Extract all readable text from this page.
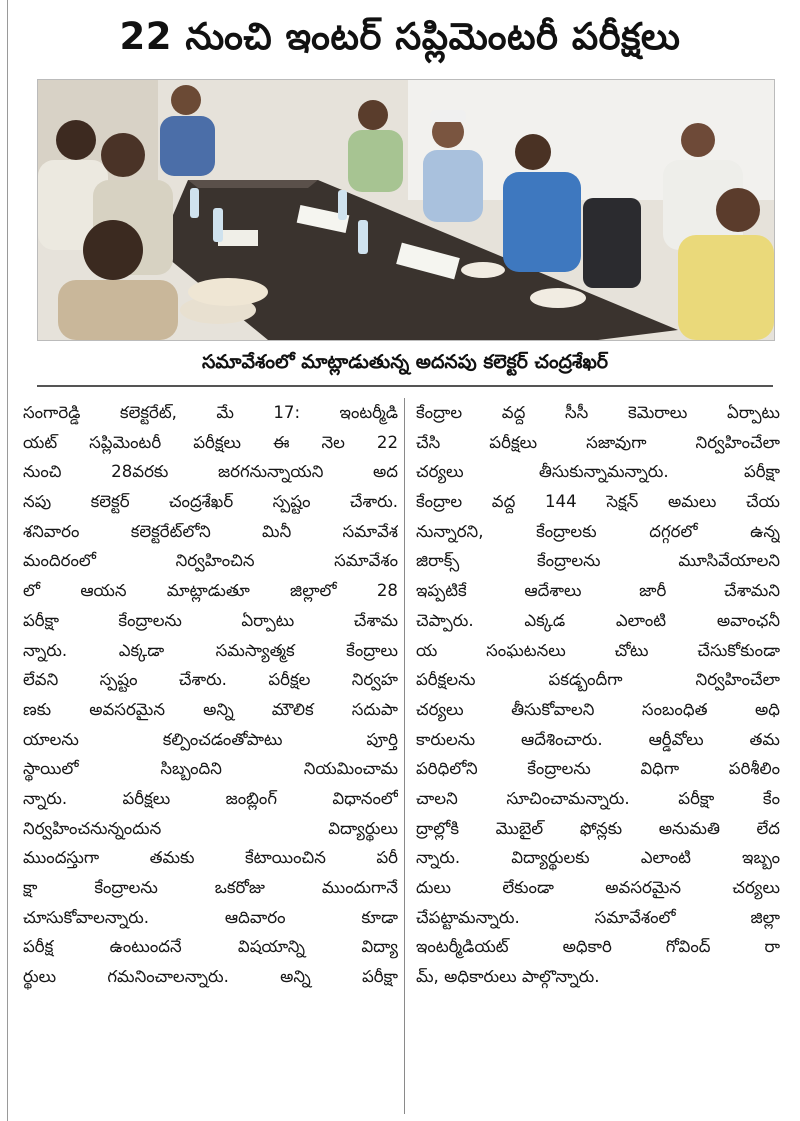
22 నుంచి ఇంటర్ సప్లిమెంటరీ పరీక్షలు
సమావేశంలో మాట్లాడుతున్న అదనపు కలెక్టర్ చంద్రశేఖర్
సంగారెడ్డి కలెక్టరేట్, మే 17: ఇంటర్మీడి
యట్ సప్లిమెంటరీ పరీక్షలు ఈ నెల 22
నుంచి 28వరకు జరగనున్నాయని అద
నపు కలెక్టర్ చంద్రశేఖర్ స్పష్టం చేశారు.
శనివారం కలెక్టరేట్‌లోని మినీ సమావేశ
మందిరంలో నిర్వహించిన సమావేశం
లో ఆయన మాట్లాడుతూ జిల్లాలో 28
పరీక్షా కేంద్రాలను ఏర్పాటు చేశామ
న్నారు. ఎక్కడా సమస్యాత్మక కేంద్రాలు
లేవని స్పష్టం చేశారు. పరీక్షల నిర్వహ
ణకు అవసరమైన అన్ని మౌలిక సదుపా
యాలను కల్పించడంతోపాటు పూర్తి
స్థాయిలో సిబ్బందిని నియమించామ
న్నారు. పరీక్షలు జంబ్లింగ్ విధానంలో
నిర్వహించనున్నందున విద్యార్థులు
ముందస్తుగా తమకు కేటాయించిన పరీ
క్షా కేంద్రాలను ఒకరోజు ముందుగానే
చూసుకోవాలన్నారు. ఆదివారం కూడా
పరీక్ష ఉంటుందనే విషయాన్ని విద్యా
ర్థులు గమనించాలన్నారు. అన్ని పరీక్షా
కేంద్రాల వద్ద సీసీ కెమెరాలు ఏర్పాటు
చేసి పరీక్షలు సజావుగా నిర్వహించేలా
చర్యలు తీసుకున్నామన్నారు. పరీక్షా
కేంద్రాల వద్ద 144 సెక్షన్ అమలు చేయ
నున్నారని, కేంద్రాలకు దగ్గరలో ఉన్న
జిరాక్స్ కేంద్రాలను మూసివేయాలని
ఇప్పటికే ఆదేశాలు జారీ చేశామని
చెప్పారు. ఎక్కడ ఎలాంటి అవాంఛనీ
య సంఘటనలు చోటు చేసుకోకుండా
పరీక్షలను పకడ్బందీగా నిర్వహించేలా
చర్యలు తీసుకోవాలని సంబంధిత అధి
కారులను ఆదేశించారు. ఆర్డీవోలు తమ
పరిధిలోని కేంద్రాలను విధిగా పరిశీలిం
చాలని సూచించామన్నారు. పరీక్షా కేం
ద్రాల్లోకి మొబైల్ ఫోన్లకు అనుమతి లేద
న్నారు. విద్యార్థులకు ఎలాంటి ఇబ్బం
దులు లేకుండా అవసరమైన చర్యలు
చేపట్టామన్నారు. సమావేశంలో జిల్లా
ఇంటర్మీడియట్ అధికారి గోవింద్ రా
మ్, అధికారులు పాల్గొన్నారు.
